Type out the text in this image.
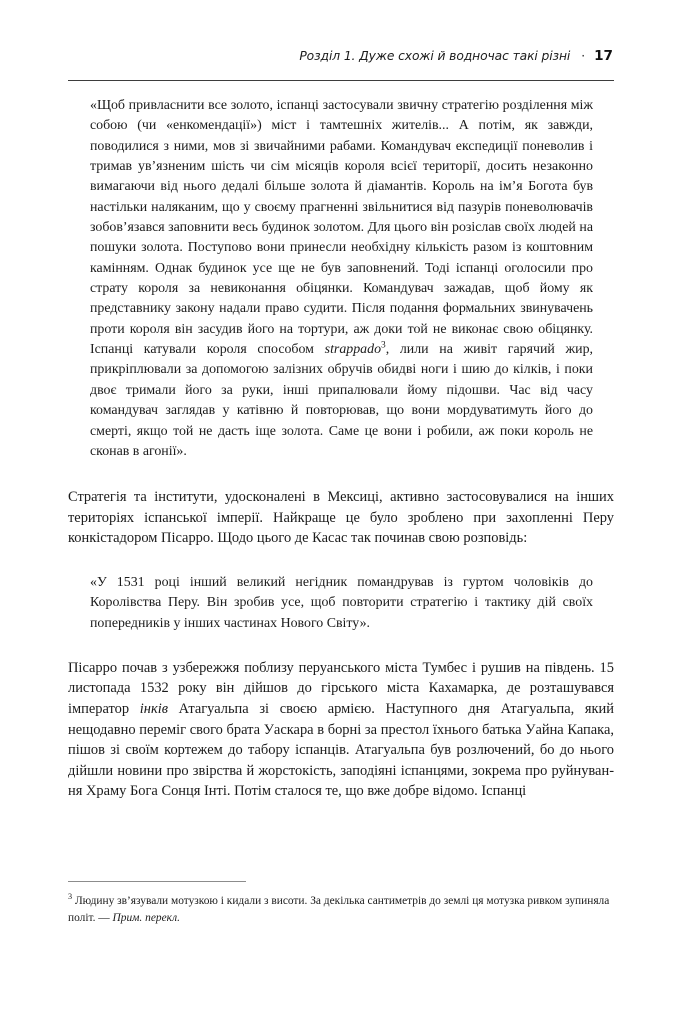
Розділ 1. Дуже схожі й водночас такі різні · 17

«Щоб привласнити все золото, іспанці застосували звичну стратегію розділення між собою (чи «енкомендації») міст і тамтешніх жителів... А потім, як завжди, поводилися з ними, мов зі звичайними рабами. Командувач експедиції поневолив і тримав ув’язненим шість чи сім місяців короля всієї території, досить незаконно вимагаючи від нього дедалі більше золота й діамантів. Король на ім’я Богота був настільки наляканим, що у своєму прагненні звільнитися від пазурів поневолювачів зобов’язався заповнити весь будинок золотом. Для цього він розіслав своїх людей на пошуки золота. Поступово вони принесли необхідну кількість разом із коштовним камінням. Однак будинок усе ще не був заповнений. Тоді іспанці оголосили про страту короля за невиконання обіцянки. Командувач зажадав, щоб йому як представнику закону надали право судити. Після подання формальних звинувачень проти короля він засудив його на тортури, аж доки той не виконає свою обіцянку. Іспанці катували короля способом strappado$^3$, лили на живіт гарячий жир, прикріплювали за допомогою залізних обручів обидві ноги і шию до кілків, і поки двоє тримали його за руки, інші припалювали йому підошви. Час від часу командувач заглядав у катівню й повторював, що вони мордуватимуть його до смерті, якщо той не дасть іще золота. Саме це вони і робили, аж поки король не сконав в агонії».

Стратегія та інститути, удосконалені в Мексиці, активно застосовувалися на інших територіях іспанської імперії. Найкраще це було зроблено при захопленні Перу конкістадором Пісарро. Щодо цього де Касас так починав свою розповідь:

«У 1531 році інший великий негідник помандрував із гуртом чоловіків до Королівства Перу. Він зробив усе, щоб повторити стратегію і тактику дій своїх попередників у інших частинах Нового Світу».

Пісарро почав з узбережжя поблизу перуанського міста Тумбес і рушив на південь. 15 листопада 1532 року він дійшов до гірського міста Кахамарка, де розташувався імператор інків Атагуальпа зі своєю армією. Наступного дня Атагуальпа, який нещодавно переміг свого брата Уаскара в борні за престол їхнього батька Уайна Капака, пішов зі своїм кортежем до табору іспанців. Атагуальпа був розлючений, бо до нього дійшли новини про звірства й жорстокість, заподіяні іспанцями, зокрема про руйнування Храму Бога Сонця Інті. Потім сталося те, що вже добре відомо. Іспанці

$^3$ Людину зв’язували мотузкою і кидали з висоти. За декілька сантиметрів до землі ця мотузка ривком зупиняла політ. — Прим. перекл.
